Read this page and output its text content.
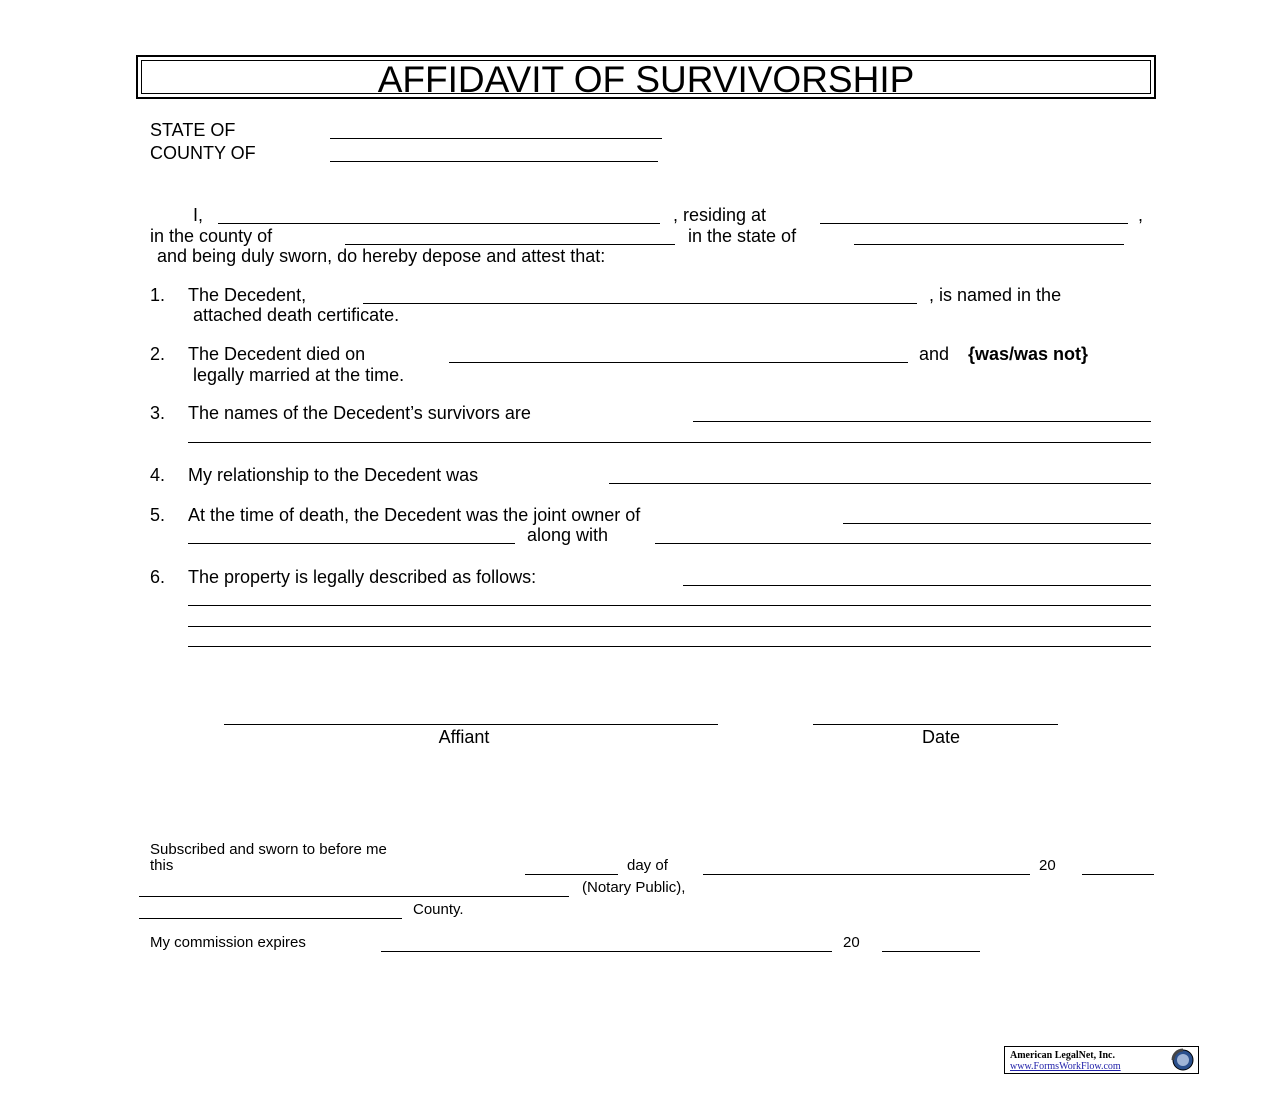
AFFIDAVIT OF SURVIVORSHIP
STATE OF
COUNTY OF
I,	, residing at	,
in the county of	in the state of
and being duly sworn, do hereby depose and attest that:
1. The Decedent,	, is named in the
attached death certificate.
2. The Decedent died on	and {was/was not}
legally married at the time.
3. The names of the Decedent’s survivors are
4. My relationship to the Decedent was
5. At the time of death, the Decedent was the joint owner of
along with
6. The property is legally described as follows:
Affiant	Date
Subscribed and sworn to before me
this	day of	20
(Notary Public),
County.
My commission expires	20
American LegalNet, Inc.
www.FormsWorkFlow.com
